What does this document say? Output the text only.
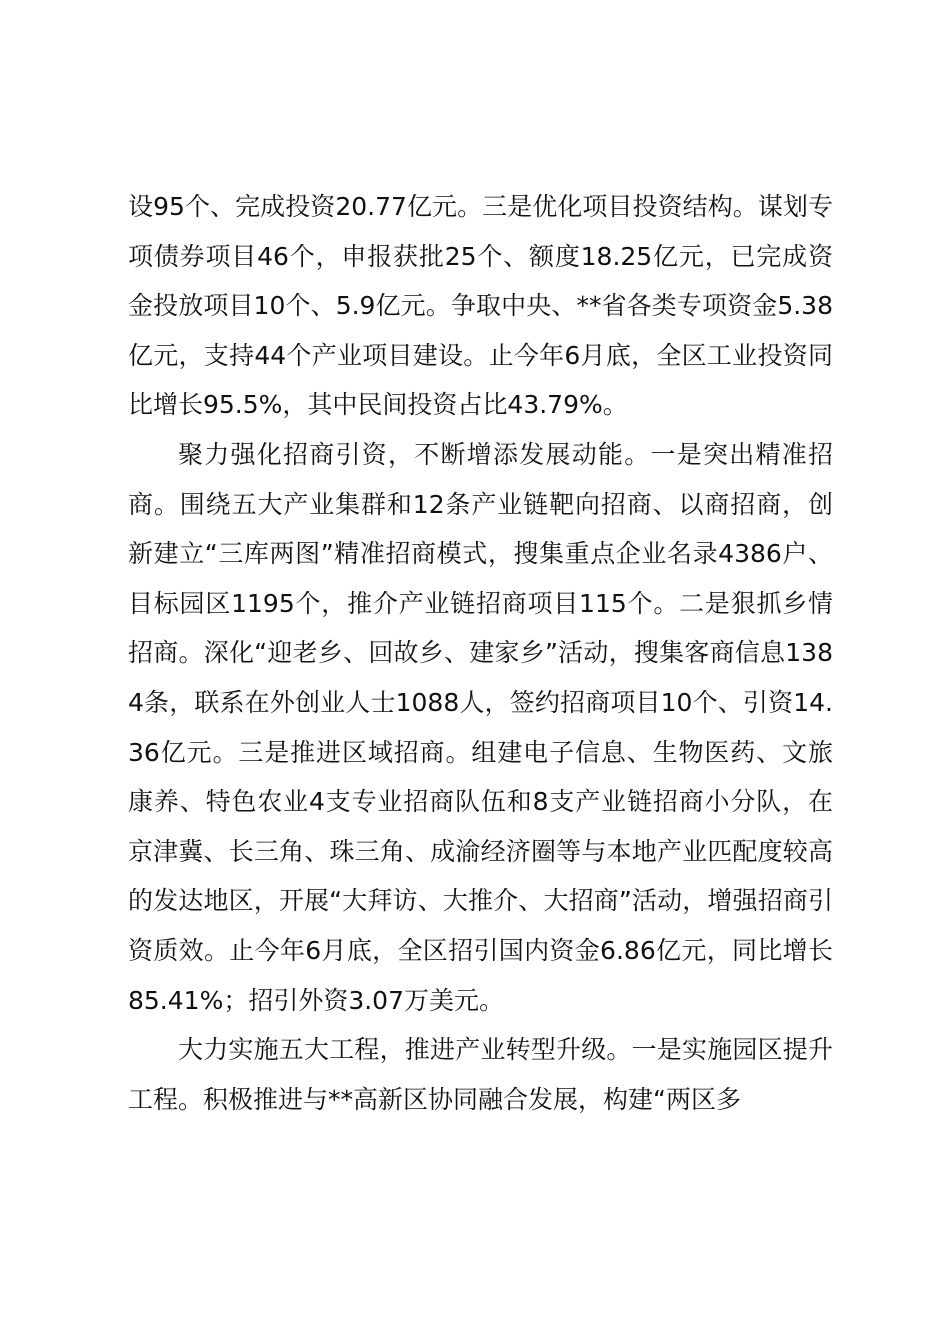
设95个、完成投资20.77亿元。三是优化项目投资结构。谋划专项债券项目46个，申报获批25个、额度18.25亿元，已完成资金投放项目10个、5.9亿元。争取中央、**省各类专项资金5.38亿元，支持44个产业项目建设。止今年6月底，全区工业投资同比增长95.5%，其中民间投资占比43.79%。

聚力强化招商引资，不断增添发展动能。一是突出精准招商。围绕五大产业集群和12条产业链靶向招商、以商招商，创新建立“三库两图”精准招商模式，搜集重点企业名录4386户、目标园区1195个，推介产业链招商项目115个。二是狠抓乡情招商。深化“迎老乡、回故乡、建家乡”活动，搜集客商信息1384条，联系在外创业人士1088人，签约招商项目10个、引资14.36亿元。三是推进区域招商。组建电子信息、生物医药、文旅康养、特色农业4支专业招商队伍和8支产业链招商小分队，在京津冀、长三角、珠三角、成渝经济圈等与本地产业匹配度较高的发达地区，开展“大拜访、大推介、大招商”活动，增强招商引资质效。止今年6月底，全区招引国内资金6.86亿元，同比增长85.41%；招引外资3.07万美元。

大力实施五大工程，推进产业转型升级。一是实施园区提升工程。积极推进与**高新区协同融合发展，构建“两区多
